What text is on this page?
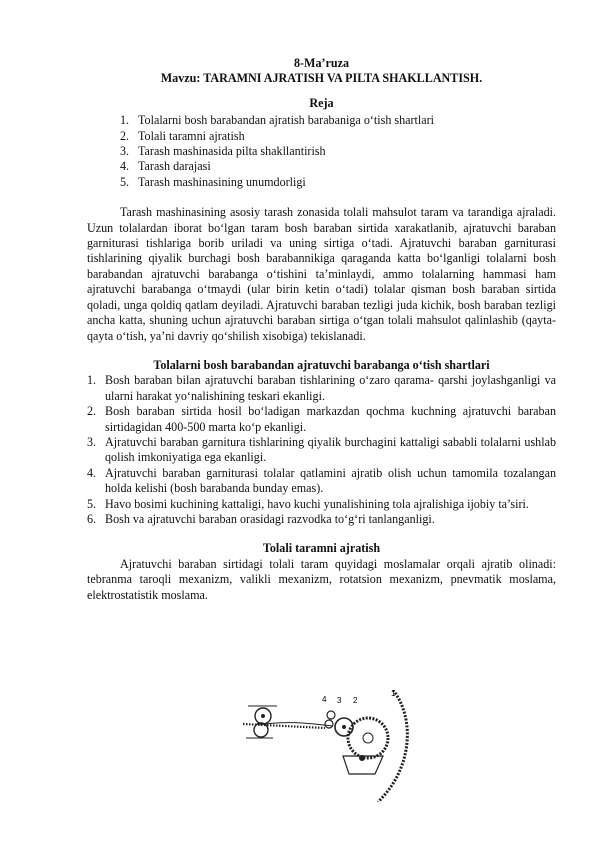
8-Ma’ruza
Mavzu: TARAMNI AJRATISH VA PILTA SHAKLLANTISH.
Reja
1. Tolalarni bosh barabandan ajratish barabaniga o‘tish shartlari
2. Tolali taramni ajratish
3. Tarash mashinasida pilta shakllantirish
4. Tarash darajasi
5. Tarash mashinasining unumdorligi

Tarash mashinasining asosiy tarash zonasida tolali mahsulot taram va tarandiga ajraladi. Uzun tolalardan iborat bo‘lgan taram bosh baraban sirtida xarakatlanib, ajratuvchi baraban garniturasi tishlariga borib uriladi va uning sirtiga o‘tadi. Ajratuvchi baraban garniturasi tishlarining qiyalik burchagi bosh barabannikiga qaraganda katta bo‘lganligi tolalarni bosh barabandan ajratuvchi barabanga o‘tishini ta’minlaydi, ammo tolalarning hammasi ham ajratuvchi barabanga o‘tmaydi (ular birin ketin o‘tadi) tolalar qisman bosh baraban sirtida qoladi, unga qoldiq qatlam deyiladi. Ajratuvchi baraban tezligi juda kichik, bosh baraban tezligi ancha katta, shuning uchun ajratuvchi baraban sirtiga o‘tgan tolali mahsulot qalinlashib (qayta-qayta o‘tish, ya’ni davriy qo‘shilish xisobiga) tekislanadi.

Tolalarni bosh barabandan ajratuvchi barabanga o‘tish shartlari
1. Bosh baraban bilan ajratuvchi baraban tishlarining o‘zaro qarama- qarshi joylashganligi va ularni harakat yo‘nalishining teskari ekanligi.
2. Bosh baraban sirtida hosil bo‘ladigan markazdan qochma kuchning ajratuvchi baraban sirtidagidan 400-500 marta ko‘p ekanligi.
3. Ajratuvchi baraban garnitura tishlarining qiyalik burchagini kattaligi sababli tolalarni ushlab qolish imkoniyatiga ega ekanligi.
4. Ajratuvchi baraban garniturasi tolalar qatlamini ajratib olish uchun tamomila tozalangan holda kelishi (bosh barabanda bunday emas).
5. Havo bosimi kuchining kattaligi, havo kuchi yunalishining tola ajralishiga ijobiy ta’siri.
6. Bosh va ajratuvchi baraban orasidagi razvodka to‘g‘ri tanlanganligi.
Tolali taramni ajratish

Ajratuvchi baraban sirtidagi tolali taram quyidagi moslamalar orqali ajratib olinadi: tebranma taroqli mexanizm, valikli mexanizm, rotatsion mexanizm, pnevmatik moslama, elektrostatistik moslama.

4 3 2
1
